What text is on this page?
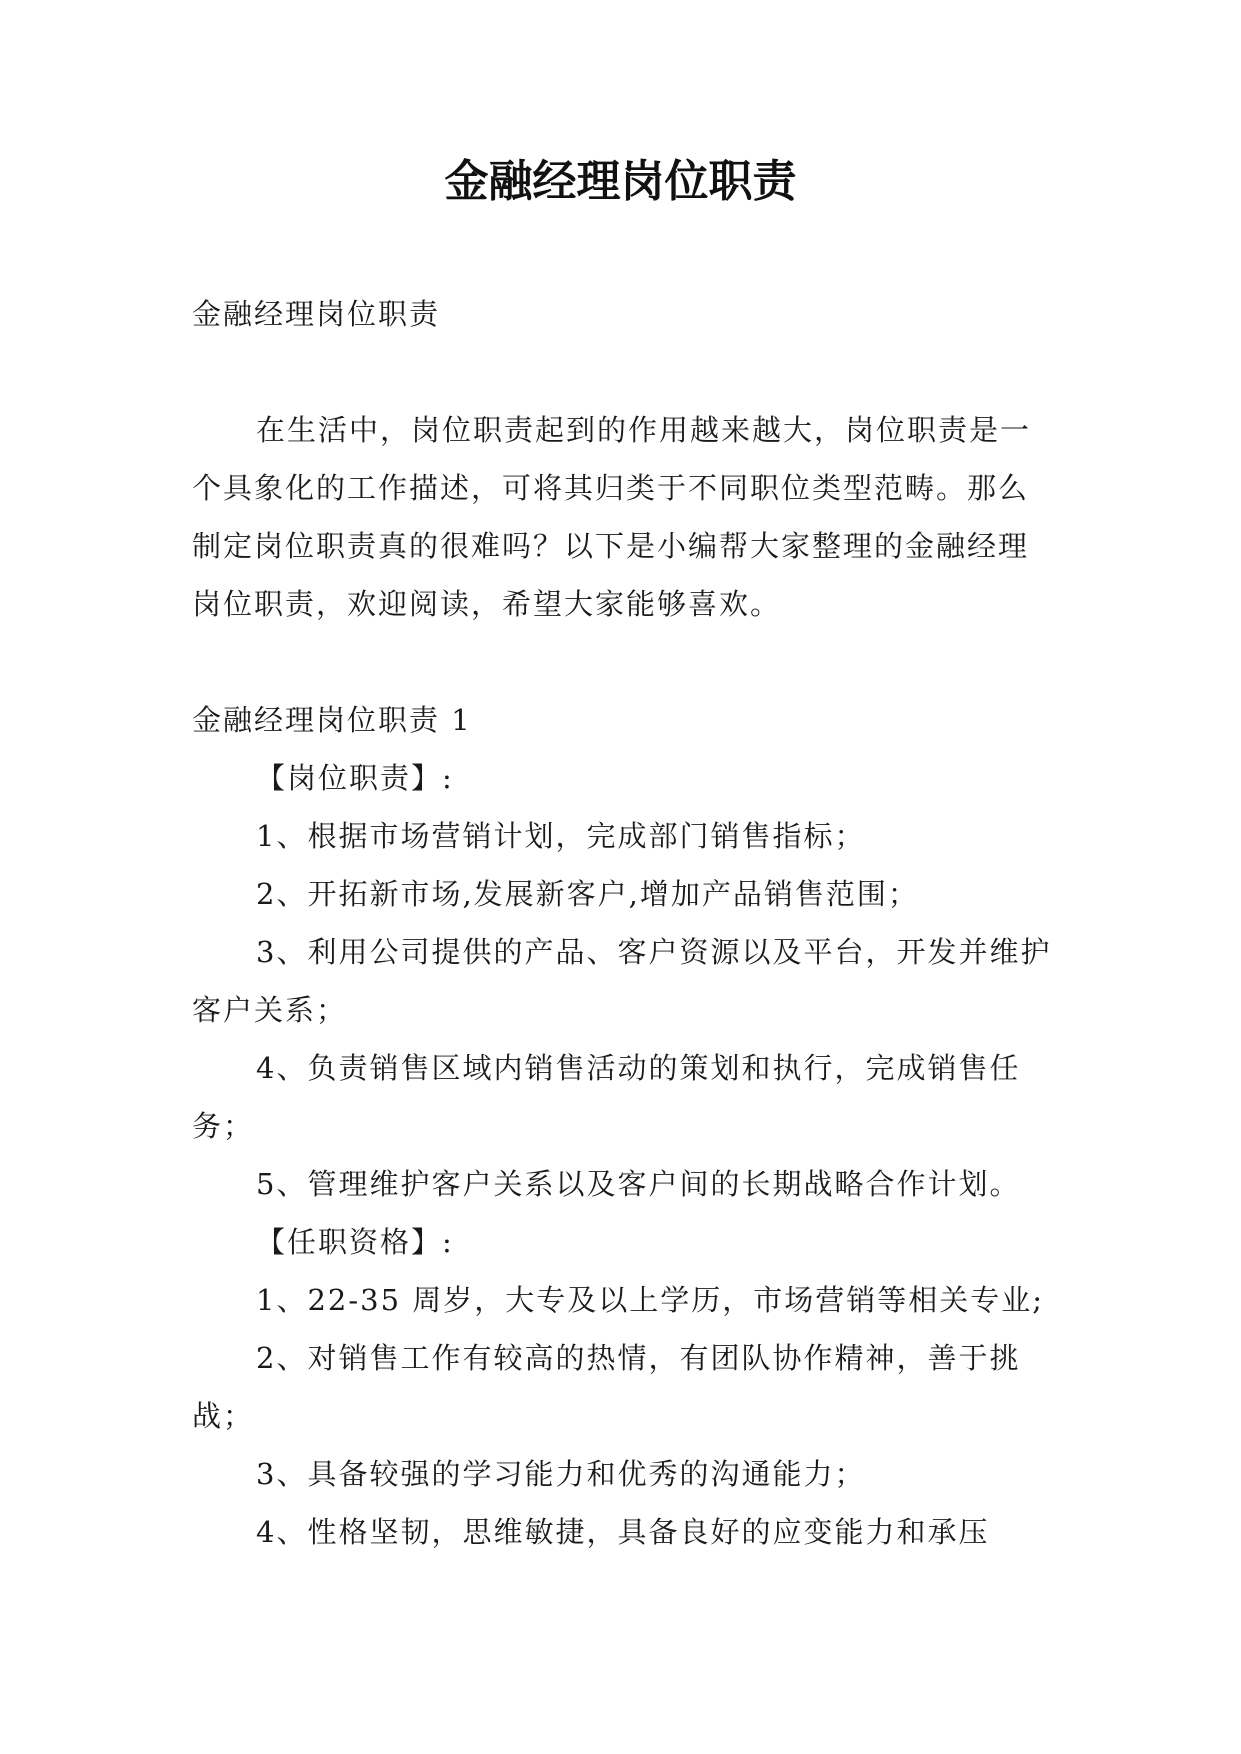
金融经理岗位职责

金融经理岗位职责

在生活中，岗位职责起到的作用越来越大，岗位职责是一个具象化的工作描述，可将其归类于不同职位类型范畴。那么制定岗位职责真的很难吗？以下是小编帮大家整理的金融经理岗位职责，欢迎阅读，希望大家能够喜欢。

金融经理岗位职责 1

【岗位职责】:

1、根据市场营销计划，完成部门销售指标；

2、开拓新市场,发展新客户,增加产品销售范围；

3、利用公司提供的产品、客户资源以及平台，开发并维护客户关系；

4、负责销售区域内销售活动的策划和执行，完成销售任务；

5、管理维护客户关系以及客户间的长期战略合作计划。

【任职资格】:

1、22-35 周岁，大专及以上学历，市场营销等相关专业;

2、对销售工作有较高的热情，有团队协作精神，善于挑战；

3、具备较强的学习能力和优秀的沟通能力；

4、性格坚韧，思维敏捷，具备良好的应变能力和承压
